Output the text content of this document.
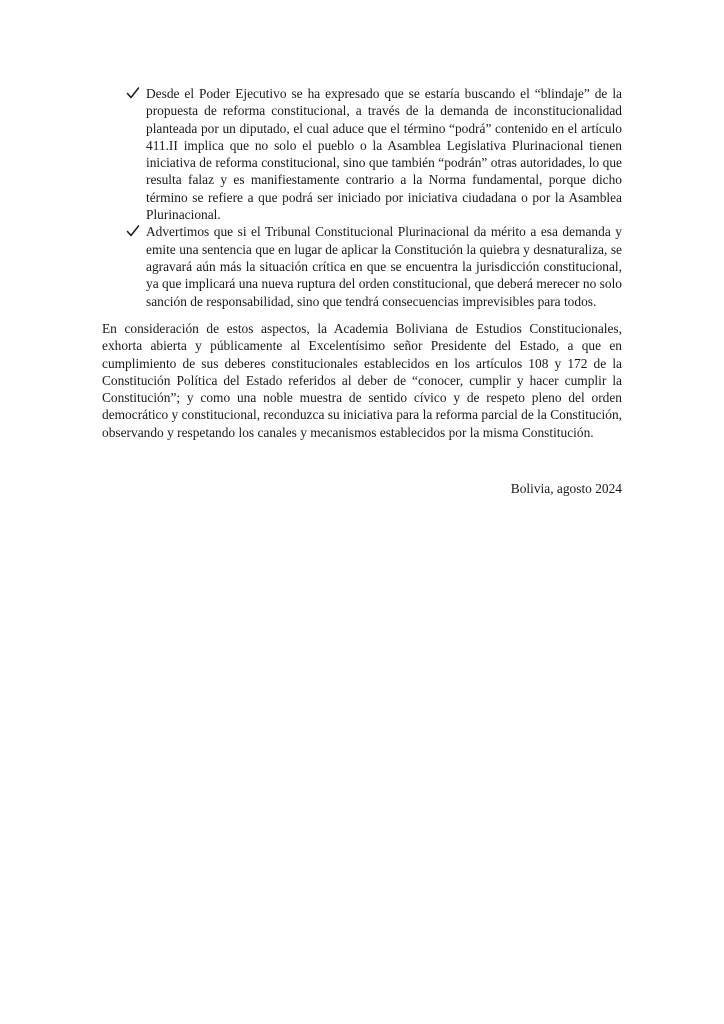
Desde el Poder Ejecutivo se ha expresado que se estaría buscando el “blindaje” de la propuesta de reforma constitucional, a través de la demanda de inconstitucionalidad planteada por un diputado, el cual aduce que el término “podrá” contenido en el artículo 411.II implica que no solo el pueblo o la Asamblea Legislativa Plurinacional tienen iniciativa de reforma constitucional, sino que también “podrán” otras autoridades, lo que resulta falaz y es manifiestamente contrario a la Norma fundamental, porque dicho término se refiere a que podrá ser iniciado por iniciativa ciudadana o por la Asamblea Plurinacional.
Advertimos que si el Tribunal Constitucional Plurinacional da mérito a esa demanda y emite una sentencia que en lugar de aplicar la Constitución la quiebra y desnaturaliza, se agravará aún más la situación crítica en que se encuentra la jurisdicción constitucional, ya que implicará una nueva ruptura del orden constitucional, que deberá merecer no solo sanción de responsabilidad, sino que tendrá consecuencias imprevisibles para todos.

En consideración de estos aspectos, la Academia Boliviana de Estudios Constitucionales, exhorta abierta y públicamente al Excelentísimo señor Presidente del Estado, a que en cumplimiento de sus deberes constitucionales establecidos en los artículos 108 y 172 de la Constitución Política del Estado referidos al deber de “conocer, cumplir y hacer cumplir la Constitución”; y como una noble muestra de sentido cívico y de respeto pleno del orden democrático y constitucional, reconduzca su iniciativa para la reforma parcial de la Constitución, observando y respetando los canales y mecanismos establecidos por la misma Constitución.

Bolivia, agosto 2024
